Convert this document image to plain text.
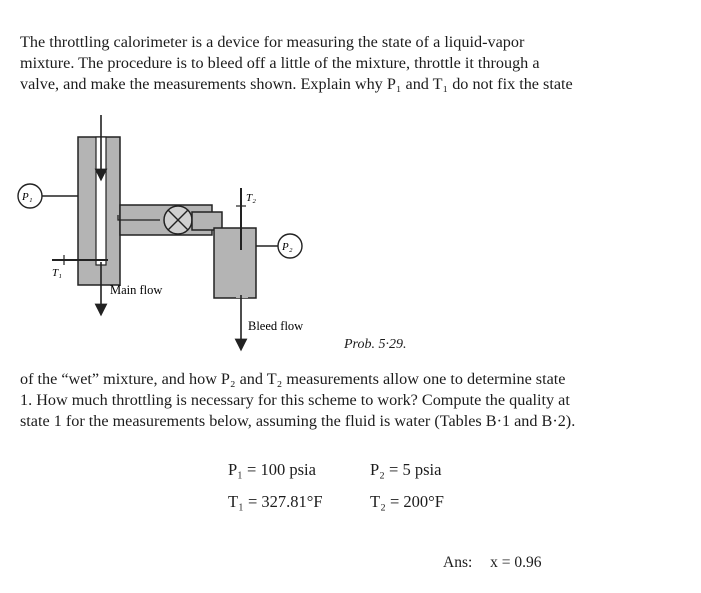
The throttling calorimeter is a device for measuring the state of a liquid-vapor
mixture. The procedure is to bleed off a little of the mixture, throttle it through a
valve, and make the measurements shown. Explain why P₁ and T₁ do not fix the state

P₁
T₁
T₂
P₂
Main flow
Bleed flow
Prob. 5·29.

of the “wet” mixture, and how P₂ and T₂ measurements allow one to determine state
1. How much throttling is necessary for this scheme to work? Compute the quality at
state 1 for the measurements below, assuming the fluid is water (Tables B·1 and B·2).

P₁ = 100 psia	P₂ = 5 psia
T₁ = 327.81°F	T₂ = 200°F
Ans: x = 0.96
